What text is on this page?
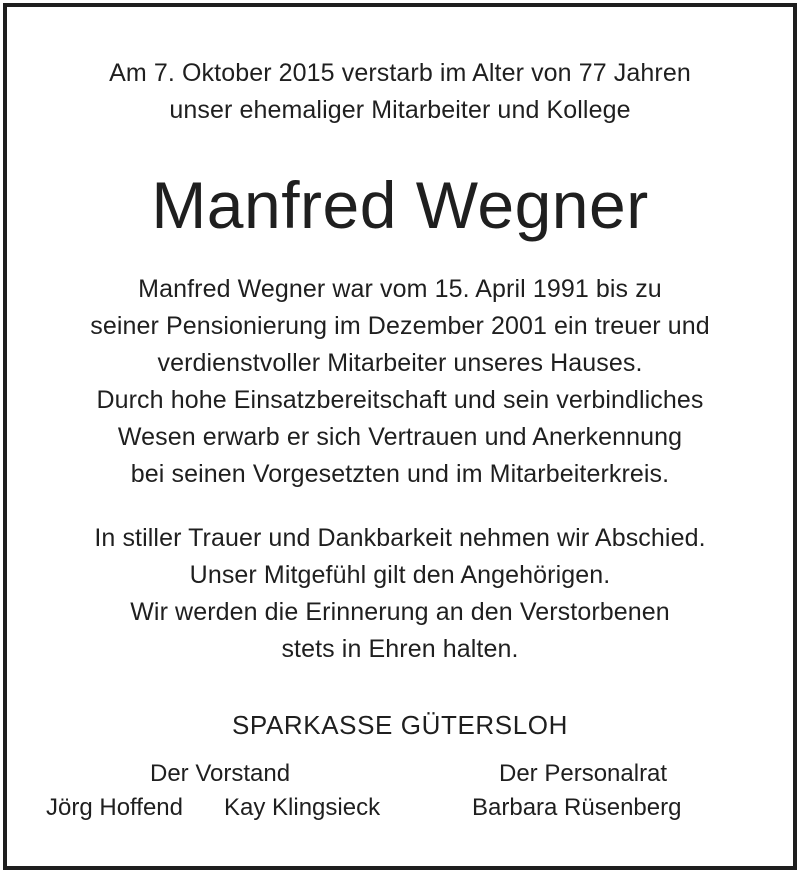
Am 7. Oktober 2015 verstarb im Alter von 77 Jahren
unser ehemaliger Mitarbeiter und Kollege
Manfred Wegner
Manfred Wegner war vom 15. April 1991 bis zu
seiner Pensionierung im Dezember 2001 ein treuer und
verdienstvoller Mitarbeiter unseres Hauses.
Durch hohe Einsatzbereitschaft und sein verbindliches
Wesen erwarb er sich Vertrauen und Anerkennung
bei seinen Vorgesetzten und im Mitarbeiterkreis.
In stiller Trauer und Dankbarkeit nehmen wir Abschied.
Unser Mitgefühl gilt den Angehörigen.
Wir werden die Erinnerung an den Verstorbenen
stets in Ehren halten.
SPARKASSE GÜTERSLOH
Der Vorstand
Jörg Hoffend Kay Klingsieck
Der Personalrat
Barbara Rüsenberg
